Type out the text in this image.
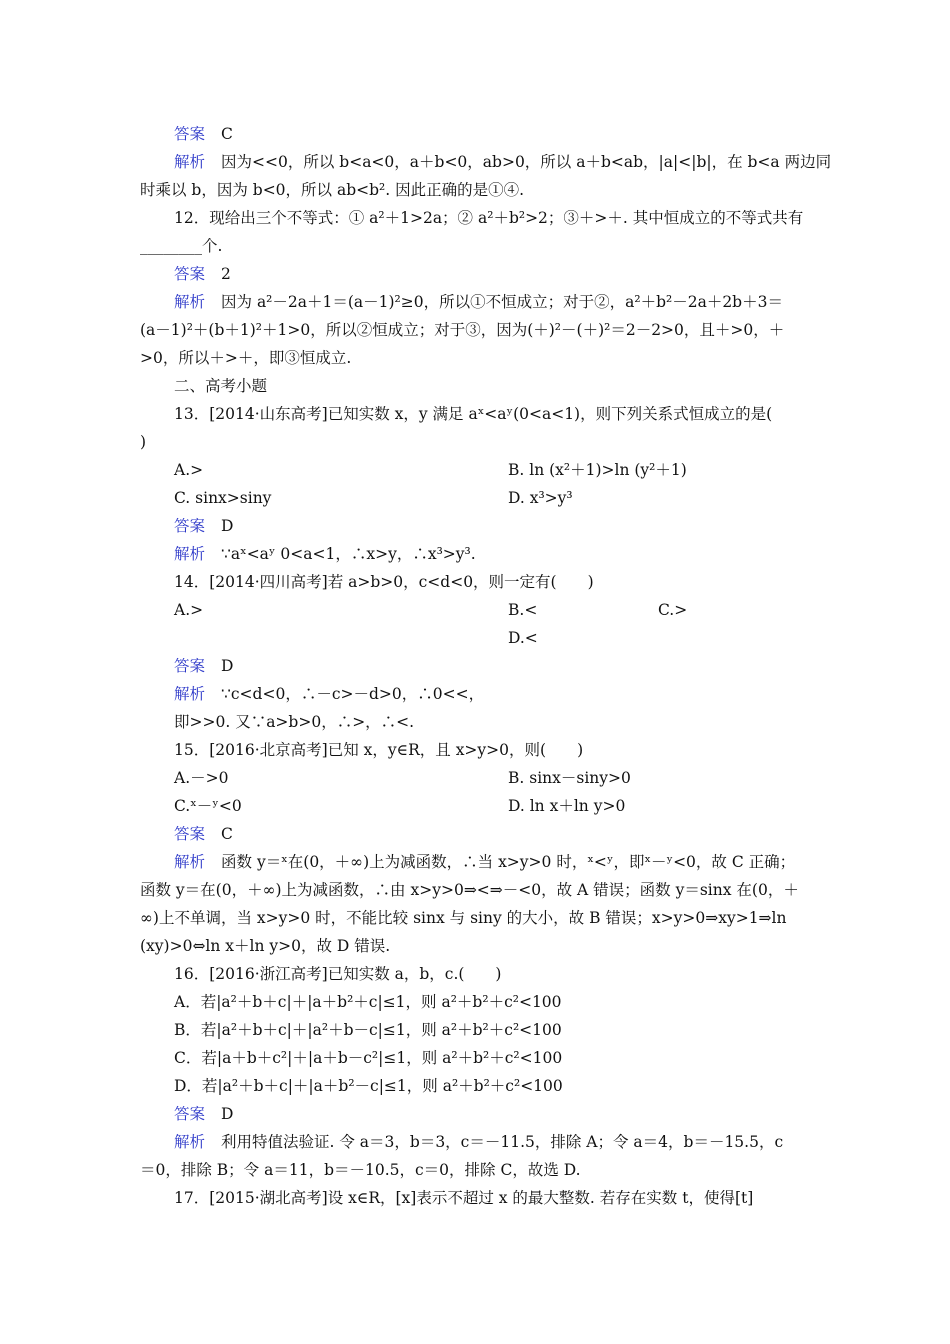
答案 C
解析 因为<<0，所以 b<a<0，a＋b<0，ab>0，所以 a＋b<ab，|a|<|b|，在 b<a 两边同
时乘以 b，因为 b<0，所以 ab<b². 因此正确的是①④.
12．现给出三个不等式：① a²＋1>2a；② a²＋b²>2；③＋>＋. 其中恒成立的不等式共有
________个.
答案 2
解析 因为 a²－2a＋1＝(a－1)²≥0，所以①不恒成立；对于②，a²＋b²－2a＋2b＋3＝
(a－1)²＋(b＋1)²＋1>0，所以②恒成立；对于③，因为(＋)²－(＋)²＝2－2>0，且＋>0，＋
>0，所以＋>＋，即③恒成立.
二、高考小题
13．[2014·山东高考]已知实数 x，y 满足 aˣ<aʸ(0<a<1)，则下列关系式恒成立的是(
)
A.>	B. ln (x²＋1)>ln (y²＋1)
C. sinx>siny	D. x³>y³
答案 D
解析 ∵aˣ<aʸ 0<a<1，∴x>y，∴x³>y³.
14．[2014·四川高考]若 a>b>0，c<d<0，则一定有(　　)
A.>	B.<	C.>
D.<
答案 D
解析 ∵c<d<0，∴－c>－d>0，∴0<<，
即>>0. 又∵a>b>0，∴>，∴<.
15．[2016·北京高考]已知 x，y∈R，且 x>y>0，则(　　)
A.－>0	B. sinx－siny>0
C.ˣ－ʸ<0	D. ln x＋ln y>0
答案 C
解析 函数 y＝ˣ在(0，＋∞)上为减函数，∴当 x>y>0 时，ˣ<ʸ，即ˣ－ʸ<0，故 C 正确；
函数 y＝在(0，＋∞)上为减函数，∴由 x>y>0⇒<⇒－<0，故 A 错误；函数 y＝sinx 在(0，＋
∞)上不单调，当 x>y>0 时，不能比较 sinx 与 siny 的大小，故 B 错误；x>y>0⇒xy>1⇒ln
(xy)>0⇔ln x＋ln y>0，故 D 错误.
16．[2016·浙江高考]已知实数 a，b，c.(　　)
A．若|a²＋b＋c|＋|a＋b²＋c|≤1，则 a²＋b²＋c²<100
B．若|a²＋b＋c|＋|a²＋b－c|≤1，则 a²＋b²＋c²<100
C．若|a＋b＋c²|＋|a＋b－c²|≤1，则 a²＋b²＋c²<100
D．若|a²＋b＋c|＋|a＋b²－c|≤1，则 a²＋b²＋c²<100
答案 D
解析 利用特值法验证. 令 a＝3，b＝3，c＝－11.5，排除 A；令 a＝4，b＝－15.5，c
＝0，排除 B；令 a＝11，b＝－10.5，c＝0，排除 C，故选 D.
17．[2015·湖北高考]设 x∈R，[x]表示不超过 x 的最大整数. 若存在实数 t，使得[t]
